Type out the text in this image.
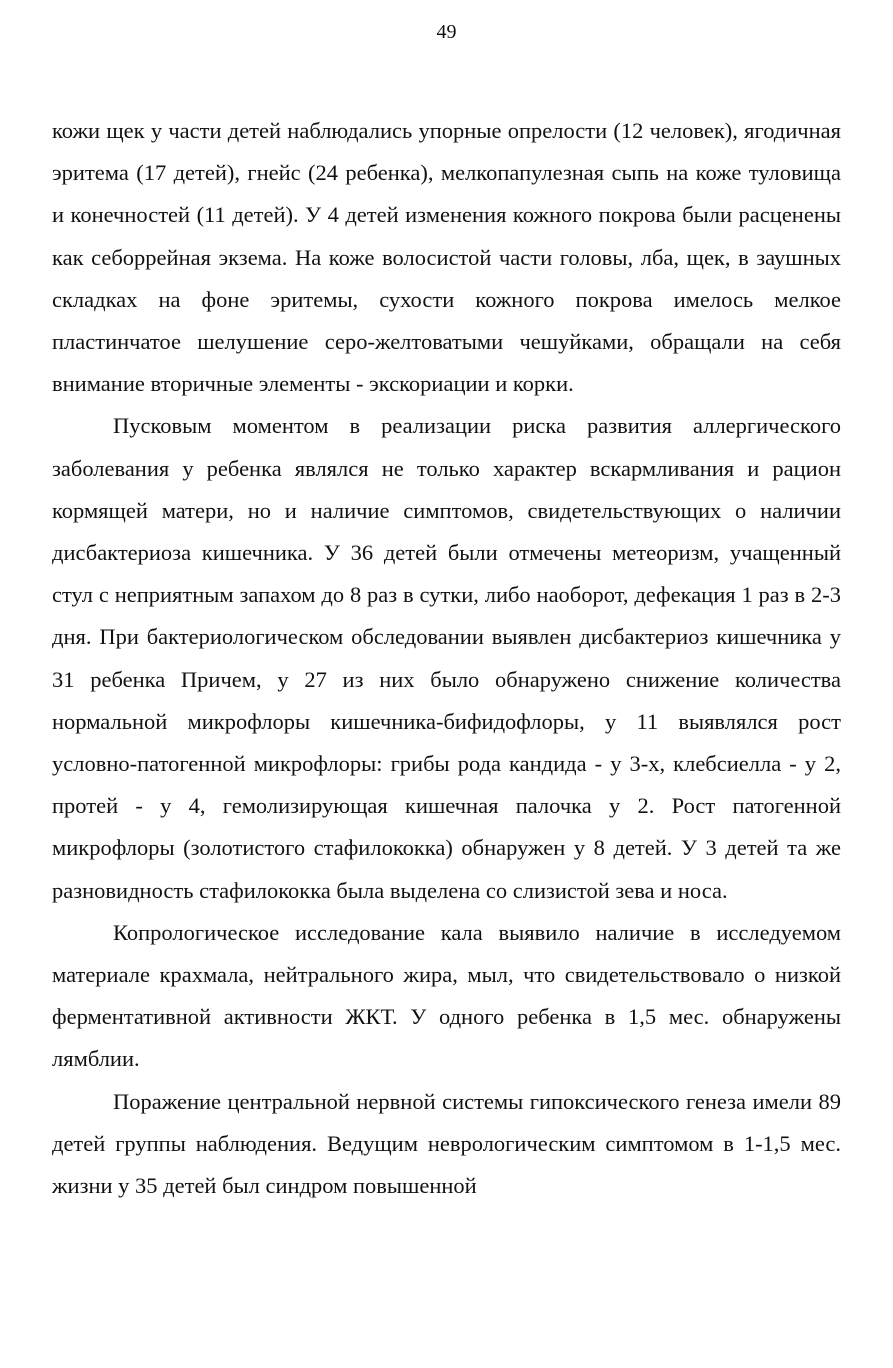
49

кожи щек у части детей наблюдались упорные опрелости (12 человек), ягодичная эритема (17 детей), гнейс (24 ребенка), мелкопапулезная сыпь на коже туловища и конечностей (11 детей). У 4 детей изменения кожного покрова были расценены как себоррейная экзема. На коже волосистой части головы, лба, щек, в заушных складках на фоне эритемы, сухости кожного покрова имелось мелкое пластинчатое шелушение серо-желтоватыми чешуйками, обращали на себя внимание вторичные элементы - экскориации и корки.

Пусковым моментом в реализации риска развития аллергического заболевания у ребенка являлся не только характер вскармливания и рацион кормящей матери, но и наличие симптомов, свидетельствующих о наличии дисбактериоза кишечника. У 36 детей были отмечены метеоризм, учащенный стул с неприятным запахом до 8 раз в сутки, либо наоборот, дефекация 1 раз в 2-3 дня. При бактериологическом обследовании выявлен дисбактериоз кишечника у 31 ребенка Причем, у 27 из них было обнаружено снижение количества нормальной микрофлоры кишечника-бифидофлоры, у 11 выявлялся рост условно-патогенной микрофлоры: грибы рода кандида - у 3-х, клебсиелла - у 2, протей - у 4, гемолизирующая кишечная палочка у 2. Рост патогенной микрофлоры (золотистого стафилококка) обнаружен у 8 детей. У 3 детей та же разновидность стафилококка была выделена со слизистой зева и носа.

Копрологическое исследование кала выявило наличие в исследуемом материале крахмала, нейтрального жира, мыл, что свидетельствовало о низкой ферментативной активности ЖКТ. У одного ребенка в 1,5 мес. обнаружены лямблии.

Поражение центральной нервной системы гипоксического генеза имели 89 детей группы наблюдения. Ведущим неврологическим симптомом в 1-1,5 мес. жизни у 35 детей был синдром повышенной
